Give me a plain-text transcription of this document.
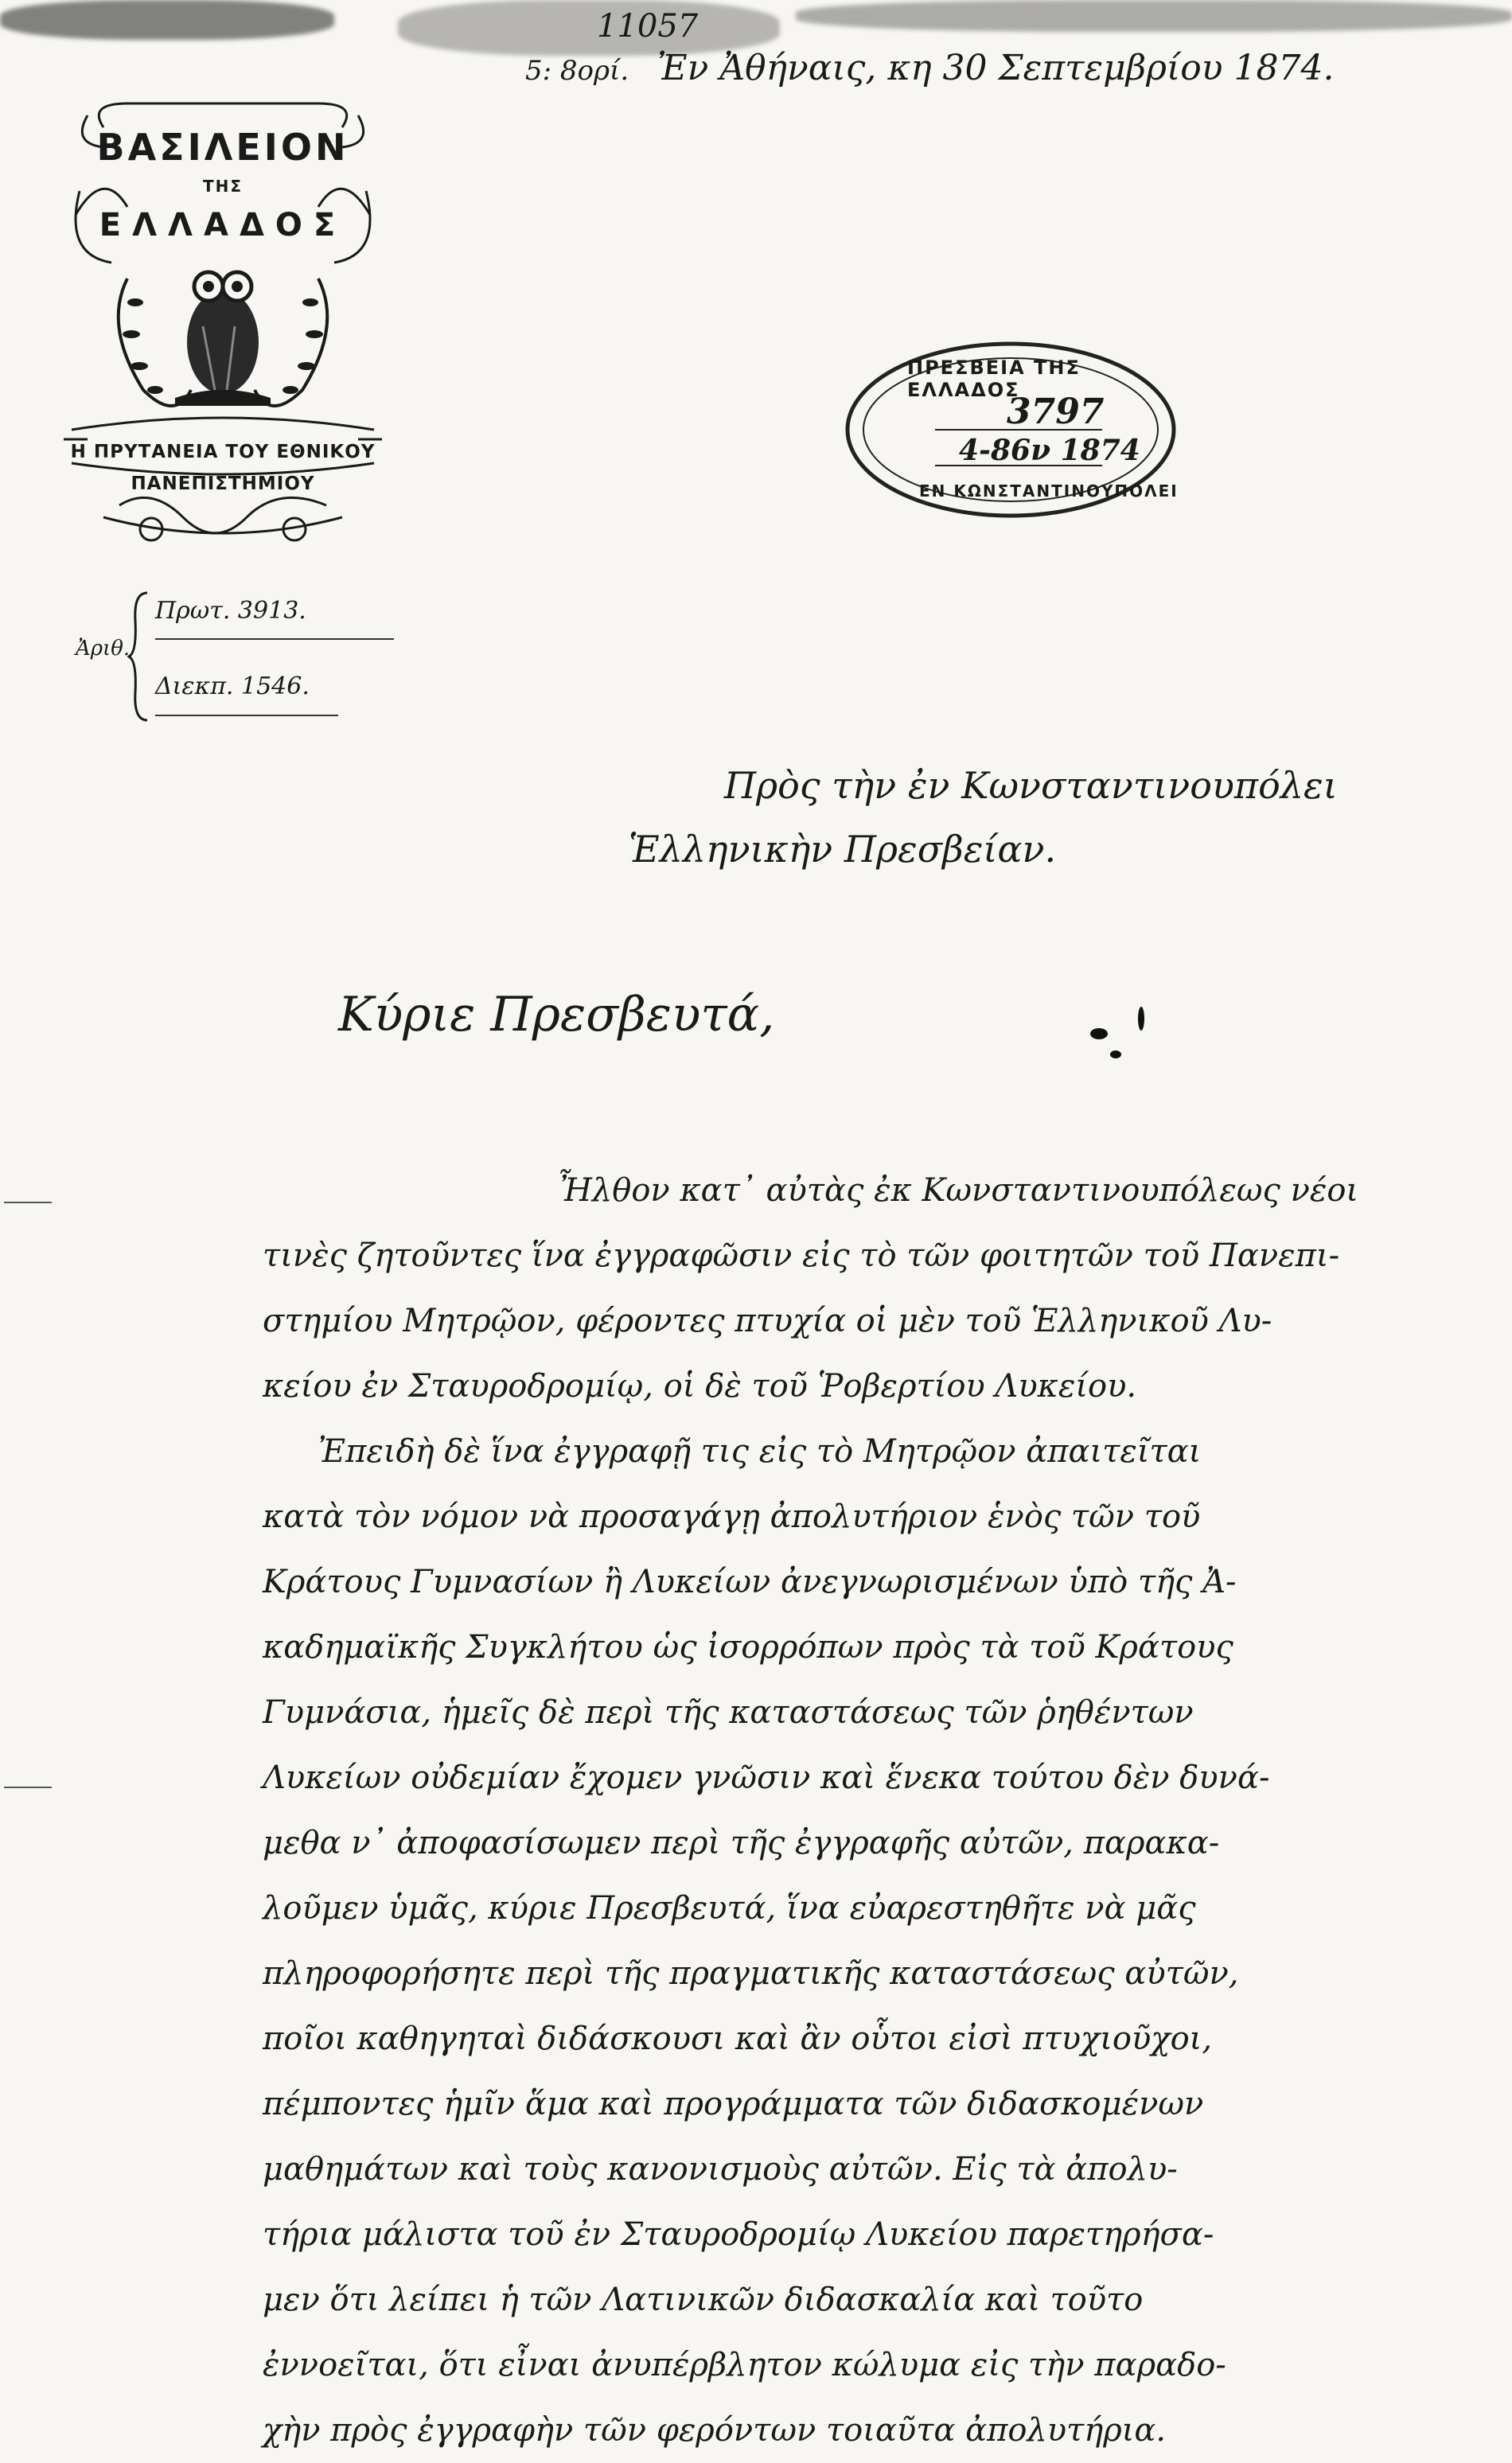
11057
5: 8ορί. Ἐν Ἀθήναις, κη 30 Σεπτεμβρίου 1874.
ΒΑΣΙΛΕΙΟΝ
ΤΗΣ
ΕΛΛΑΔΟΣ
Η ΠΡΥΤΑΝΕΙΑ ΤΟΥ ΕΘΝΙΚΟΥ
ΠΑΝΕΠΙΣΤΗΜΙΟΥ
Ἀριθ.
Πρωτ. 3913.
Διεκπ. 1546.
ΠΡΕΣΒΕΙΑ ΤΗΣ ΕΛΛΑΔΟΣ
3797
4-86ν 1874
ΕΝ ΚΩΝΣΤΑΝΤΙΝΟΥΠΟΛΕΙ
Πρὸς τὴν ἐν Κωνσταντινουπόλει
Ἑλληνικὴν Πρεσβείαν.
Κύριε Πρεσβευτά,
Ἦλθον κατ᾽ αὐτὰς ἐκ Κωνσταντινουπόλεως νέοι
τινὲς ζητοῦντες ἵνα ἐγγραφῶσιν εἰς τὸ τῶν φοιτητῶν τοῦ Πανεπι-
στημίου Μητρῷον, φέροντες πτυχία οἱ μὲν τοῦ Ἑλληνικοῦ Λυ-
κείου ἐν Σταυροδρομίῳ, οἱ δὲ τοῦ Ῥοβερτίου Λυκείου.
Ἐπειδὴ δὲ ἵνα ἐγγραφῇ τις εἰς τὸ Μητρῷον ἀπαιτεῖται
κατὰ τὸν νόμον νὰ προσαγάγῃ ἀπολυτήριον ἑνὸς τῶν τοῦ
Κράτους Γυμνασίων ἢ Λυκείων ἀνεγνωρισμένων ὑπὸ τῆς Ἀ-
καδημαϊκῆς Συγκλήτου ὡς ἰσορρόπων πρὸς τὰ τοῦ Κράτους
Γυμνάσια, ἡμεῖς δὲ περὶ τῆς καταστάσεως τῶν ῥηθέντων
Λυκείων οὐδεμίαν ἔχομεν γνῶσιν καὶ ἕνεκα τούτου δὲν δυνά-
μεθα ν᾽ ἀποφασίσωμεν περὶ τῆς ἐγγραφῆς αὐτῶν, παρακα-
λοῦμεν ὑμᾶς, κύριε Πρεσβευτά, ἵνα εὐαρεστηθῆτε νὰ μᾶς
πληροφορήσητε περὶ τῆς πραγματικῆς καταστάσεως αὐτῶν,
ποῖοι καθηγηταὶ διδάσκουσι καὶ ἂν οὗτοι εἰσὶ πτυχιοῦχοι,
πέμποντες ἡμῖν ἅμα καὶ προγράμματα τῶν διδασκομένων
μαθημάτων καὶ τοὺς κανονισμοὺς αὐτῶν. Εἰς τὰ ἀπολυ-
τήρια μάλιστα τοῦ ἐν Σταυροδρομίῳ Λυκείου παρετηρήσα-
μεν ὅτι λείπει ἡ τῶν Λατινικῶν διδασκαλία καὶ τοῦτο
ἐννοεῖται, ὅτι εἶναι ἀνυπέρβλητον κώλυμα εἰς τὴν παραδο-
χὴν πρὸς ἐγγραφὴν τῶν φερόντων τοιαῦτα ἀπολυτήρια.
